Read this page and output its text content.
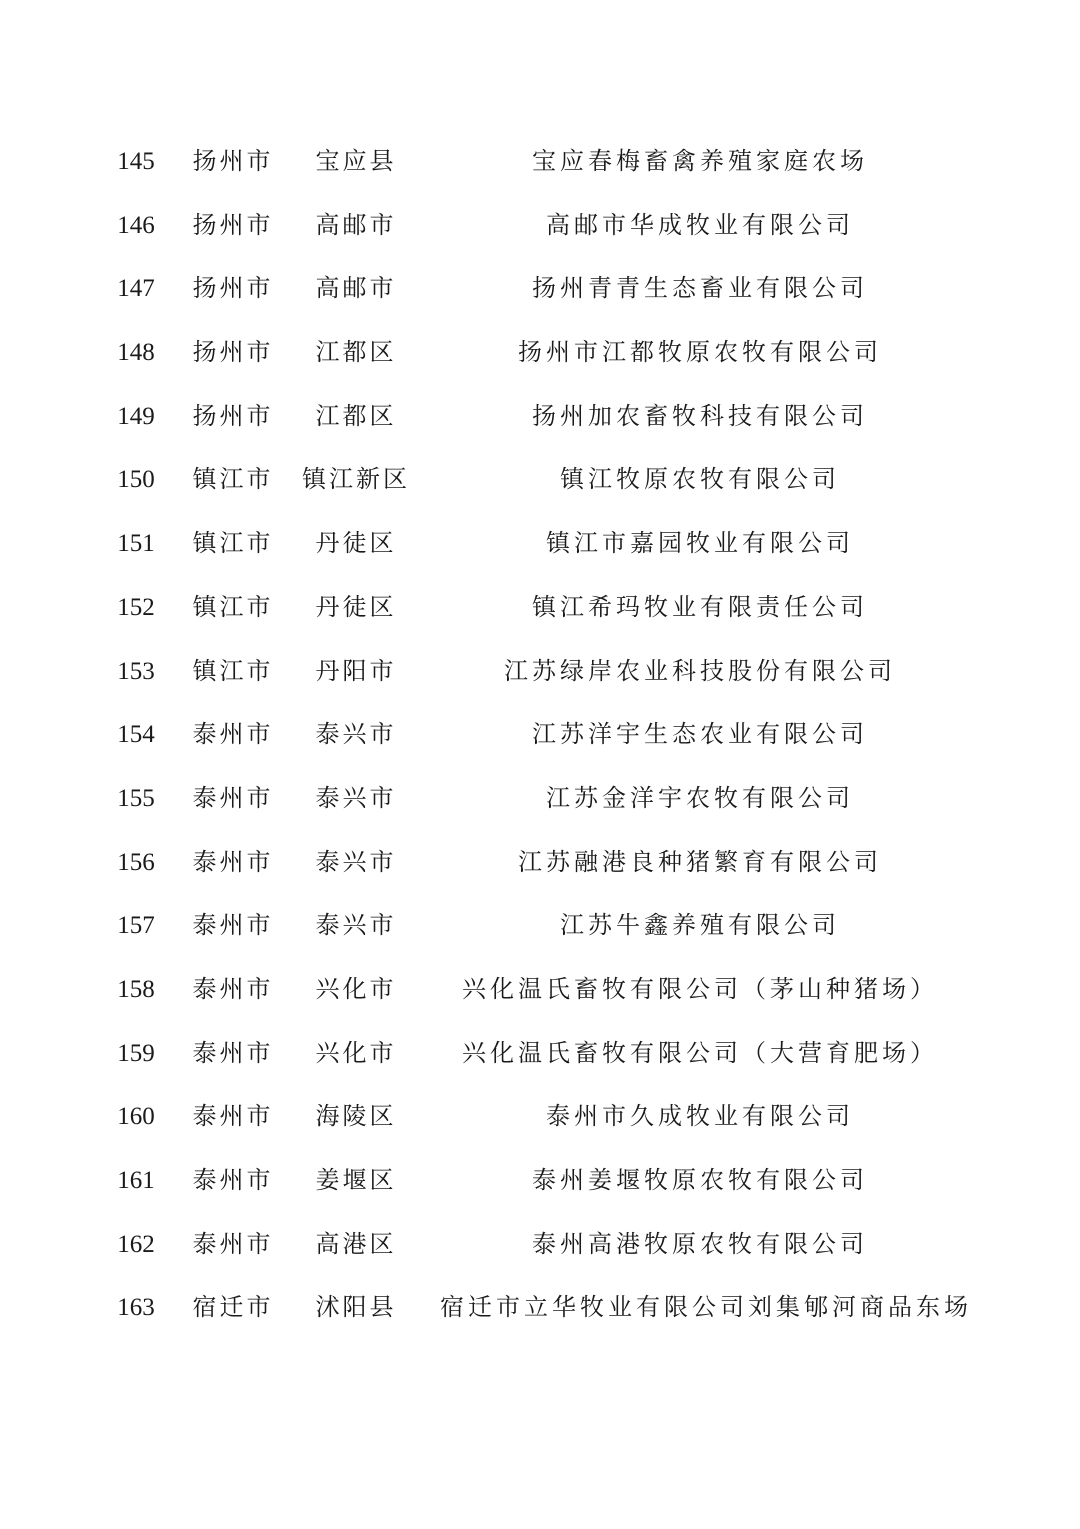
145	扬州市	宝应县	宝应春梅畜禽养殖家庭农场
146	扬州市	高邮市	高邮市华成牧业有限公司
147	扬州市	高邮市	扬州青青生态畜业有限公司
148	扬州市	江都区	扬州市江都牧原农牧有限公司
149	扬州市	江都区	扬州加农畜牧科技有限公司
150	镇江市 镇江新区	镇江牧原农牧有限公司
151	镇江市	丹徒区	镇江市嘉园牧业有限公司
152	镇江市	丹徒区	镇江希玛牧业有限责任公司
153	镇江市	丹阳市	江苏绿岸农业科技股份有限公司
154	泰州市	泰兴市	江苏洋宇生态农业有限公司
155	泰州市	泰兴市	江苏金洋宇农牧有限公司
156	泰州市	泰兴市	江苏融港良种猪繁育有限公司
157	泰州市	泰兴市	江苏牛鑫养殖有限公司
158	泰州市	兴化市	兴化温氏畜牧有限公司（茅山种猪场）
159	泰州市	兴化市	兴化温氏畜牧有限公司（大营育肥场）
160	泰州市	海陵区	泰州市久成牧业有限公司
161	泰州市	姜堰区	泰州姜堰牧原农牧有限公司
162	泰州市	高港区	泰州高港牧原农牧有限公司
163	宿迁市	沭阳县	宿迁市立华牧业有限公司刘集郇河商品东场
